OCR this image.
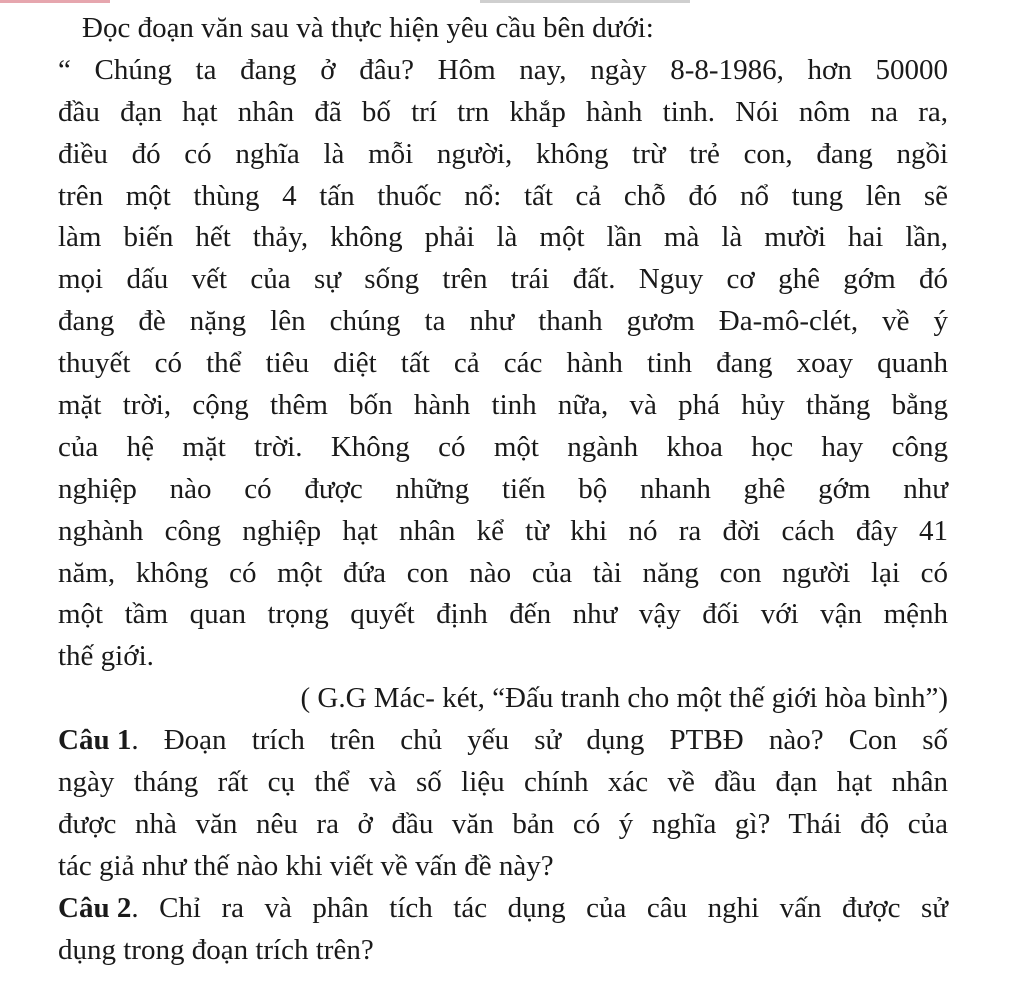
Đọc đoạn văn sau và thực hiện yêu cầu bên dưới:
“ Chúng ta đang ở đâu? Hôm nay, ngày 8-8-1986, hơn 50000
đầu đạn hạt nhân đã bố trí trn khắp hành tinh. Nói nôm na ra,
điều đó có nghĩa là mỗi người, không trừ trẻ con, đang ngồi
trên một thùng 4 tấn thuốc nổ: tất cả chỗ đó nổ tung lên sẽ
làm biến hết thảy, không phải là một lần mà là mười hai lần,
mọi dấu vết của sự sống trên trái đất. Nguy cơ ghê gớm đó
đang đè nặng lên chúng ta như thanh gươm Đa-mô-clét, về ý
thuyết có thể tiêu diệt tất cả các hành tinh đang xoay quanh
mặt trời, cộng thêm bốn hành tinh nữa, và phá hủy thăng bằng
của hệ mặt trời. Không có một ngành khoa học hay công
nghiệp nào có được những tiến bộ nhanh ghê gớm như
nghành công nghiệp hạt nhân kể từ khi nó ra đời cách đây 41
năm, không có một đứa con nào của tài năng con người lại có
một tầm quan trọng quyết định đến như vậy đối với vận mệnh
thế giới.
( G.G Mác- két, “Đấu tranh cho một thế giới hòa bình”)
Câu 1 . Đoạn trích trên chủ yếu sử dụng PTBĐ nào? Con số
ngày tháng rất cụ thể và số liệu chính xác về đầu đạn hạt nhân
được nhà văn nêu ra ở đầu văn bản có ý nghĩa gì? Thái độ của
tác giả như thế nào khi viết về vấn đề này?
Câu 2 . Chỉ ra và phân tích tác dụng của câu nghi vấn được sử
dụng trong đoạn trích trên?
